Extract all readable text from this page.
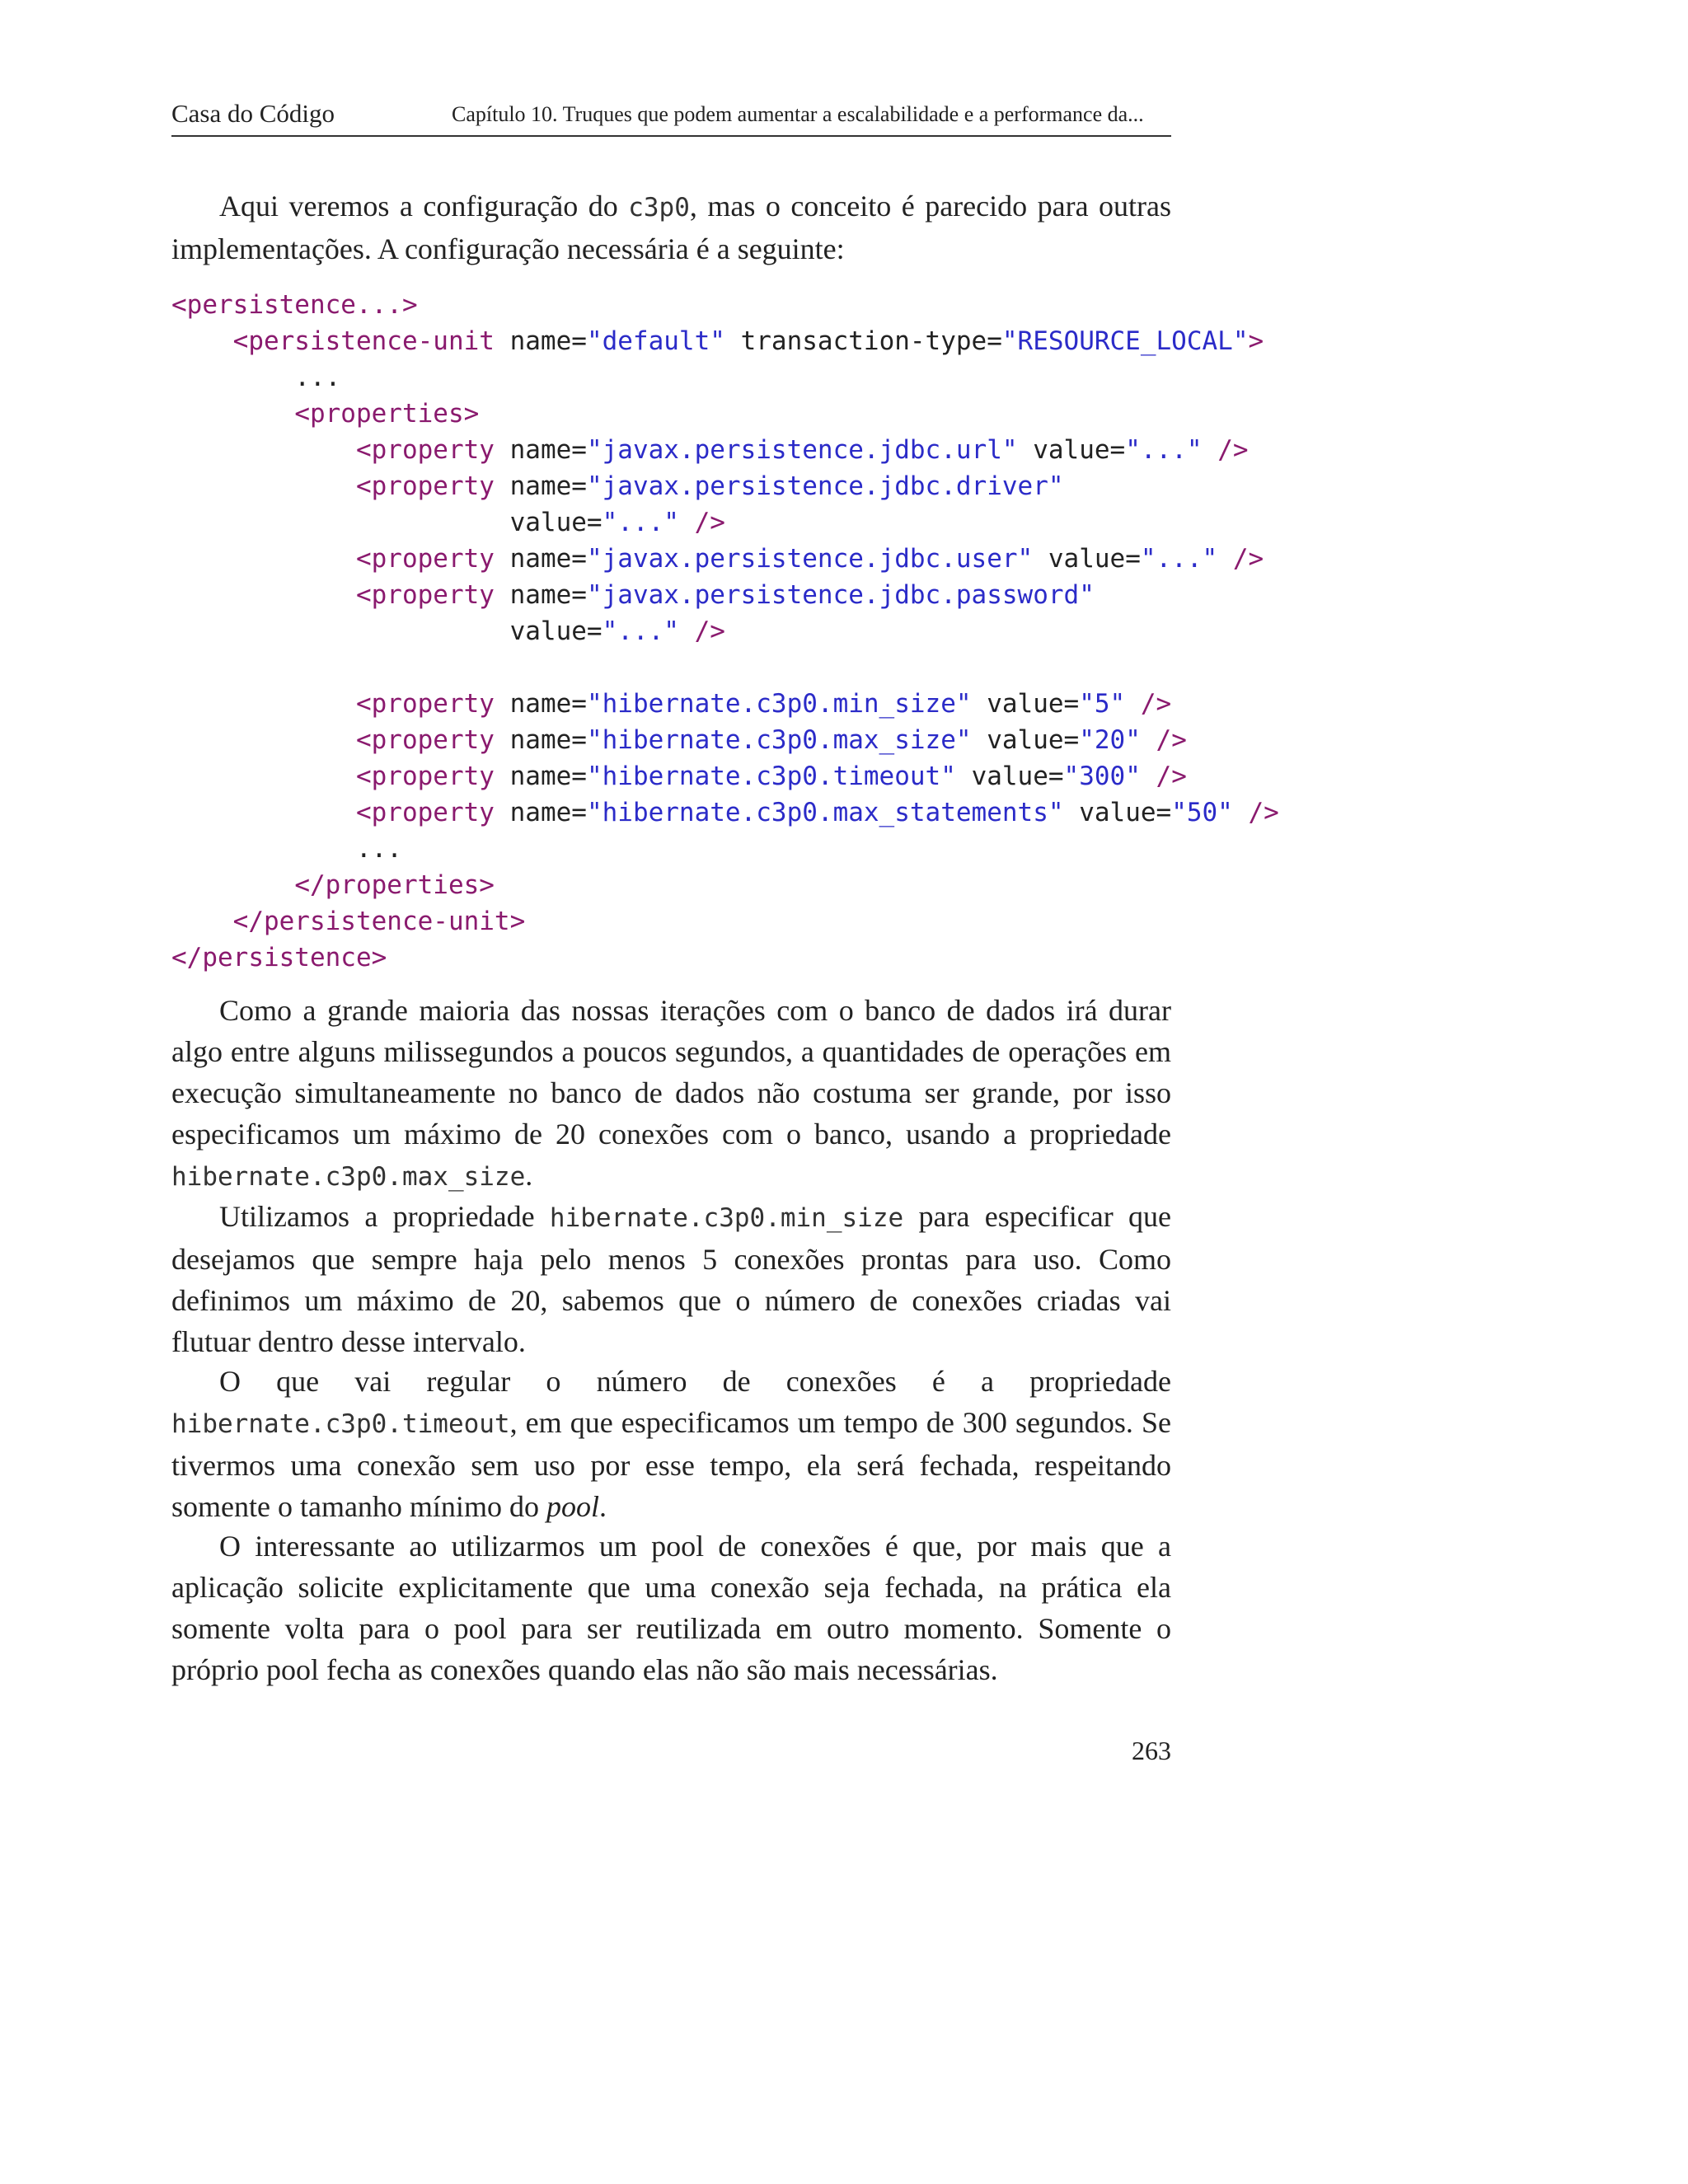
Casa do Código	Capítulo 10. Truques que podem aumentar a escalabilidade e a performance da...

Aqui veremos a configuração do c3p0, mas o conceito é parecido para outras implementações. A configuração necessária é a seguinte:

<persistence...>
<persistence-unit name="default" transaction-type="RESOURCE_LOCAL">
...
<properties>
<property name="javax.persistence.jdbc.url" value="..." />
<property name="javax.persistence.jdbc.driver"
value="..." />
<property name="javax.persistence.jdbc.user" value="..." />
<property name="javax.persistence.jdbc.password"
value="..." />

<property name="hibernate.c3p0.min_size" value="5" />
<property name="hibernate.c3p0.max_size" value="20" />
<property name="hibernate.c3p0.timeout" value="300" />
<property name="hibernate.c3p0.max_statements" value="50" />
...
</properties>
</persistence-unit>
</persistence>

Como a grande maioria das nossas iterações com o banco de dados irá durar algo entre alguns milissegundos a poucos segundos, a quantidades de operações em execução simultaneamente no banco de dados não costuma ser grande, por isso especificamos um máximo de 20 conexões com o banco, usando a propriedade hibernate.c3p0.max_size.

Utilizamos a propriedade hibernate.c3p0.min_size para especificar que desejamos que sempre haja pelo menos 5 conexões prontas para uso. Como definimos um máximo de 20, sabemos que o número de conexões criadas vai flutuar dentro desse intervalo.

O que vai regular o número de conexões é a propriedade hibernate.c3p0.timeout, em que especificamos um tempo de 300 segundos. Se tivermos uma conexão sem uso por esse tempo, ela será fechada, respeitando somente o tamanho mínimo do pool.

O interessante ao utilizarmos um pool de conexões é que, por mais que a aplicação solicite explicitamente que uma conexão seja fechada, na prática ela somente volta para o pool para ser reutilizada em outro momento. Somente o próprio pool fecha as conexões quando elas não são mais necessárias.

263
